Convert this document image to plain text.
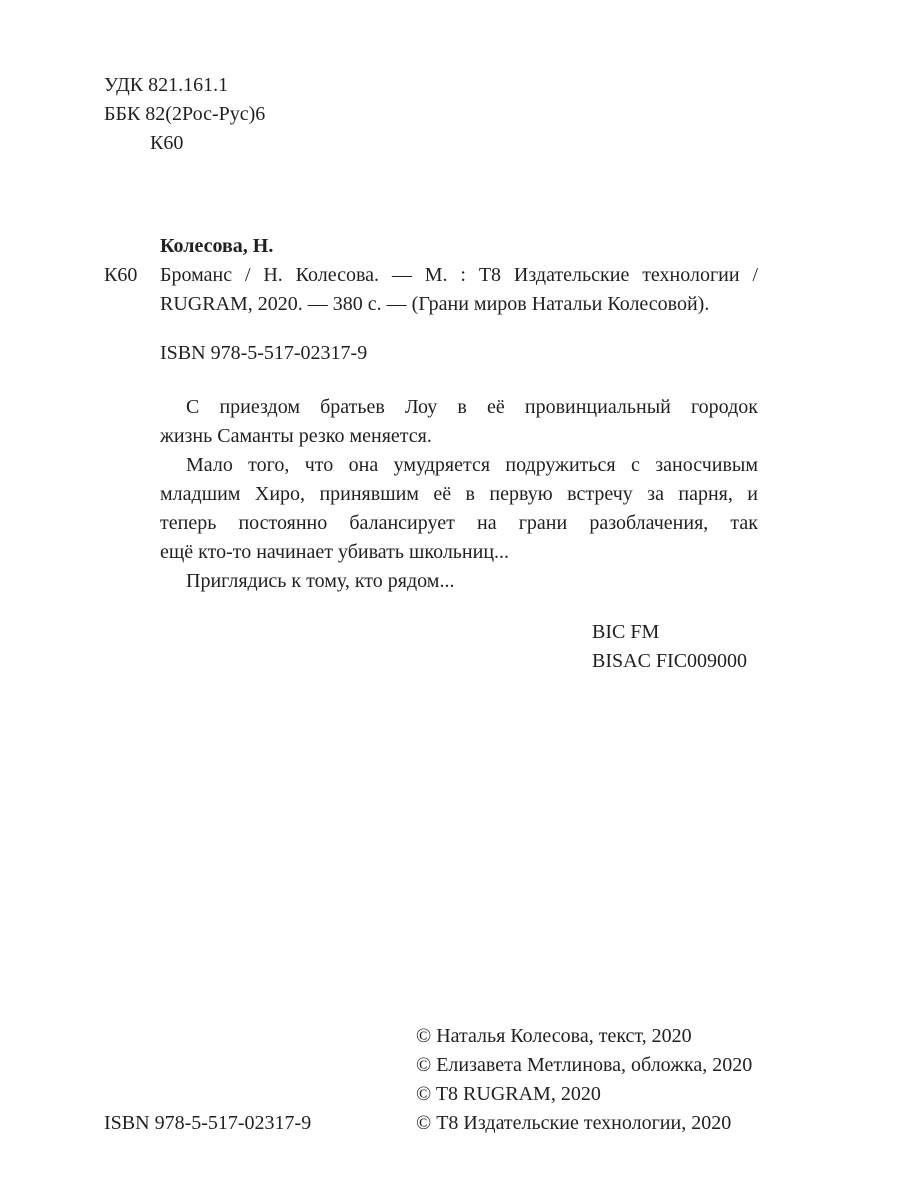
УДК 821.161.1
ББК 82(2Рос-Рус)6
К60
Колесова, Н.
К60 Броманс / Н. Колесова. — М. : Т8 Издательские технологии /
RUGRAM, 2020. — 380 с. — (Грани миров Натальи Колесовой).
ISBN 978-5-517-02317-9
С приездом братьев Лоу в её провинциальный городок
жизнь Саманты резко меняется.
Мало того, что она умудряется подружиться с заносчивым
младшим Хиро, принявшим её в первую встречу за парня, и
теперь постоянно балансирует на грани разоблачения, так
ещё кто-то начинает убивать школьниц...
Приглядись к тому, кто рядом...
BIC FM
BISAC FIC009000
ISBN 978-5-517-02317-9
© Наталья Колесова, текст, 2020
© Елизавета Метлинова, обложка, 2020
© T8 RUGRAM, 2020
© Т8 Издательские технологии, 2020
